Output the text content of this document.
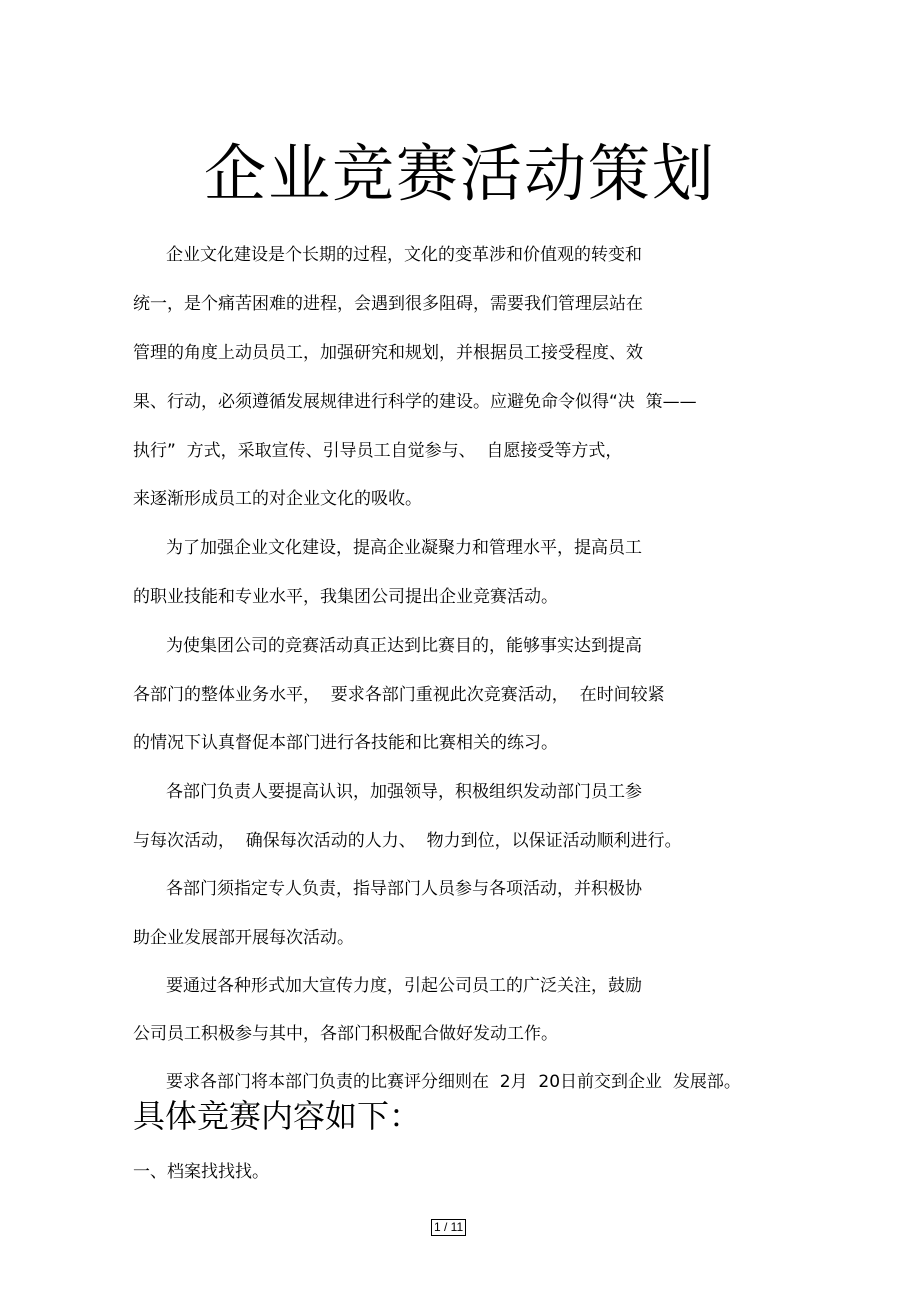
企业竞赛活动策划
企业文化建设是个长期的过程，文化的变革涉和价值观的转变和
统一，是个痛苦困难的进程，会遇到很多阻碍，需要我们管理层站在
管理的角度上动员员工，加强研究和规划，并根据员工接受程度、效
果、行动，必须遵循发展规律进行科学的建设。应避免命令似得“决  策——
执行”  方式，采取宣传、引导员工自觉参与、  自愿接受等方式，
来逐渐形成员工的对企业文化的吸收。
为了加强企业文化建设，提高企业凝聚力和管理水平，提高员工
的职业技能和专业水平，我集团公司提出企业竞赛活动。
为使集团公司的竞赛活动真正达到比赛目的，能够事实达到提高
各部门的整体业务水平，  要求各部门重视此次竞赛活动，  在时间较紧
的情况下认真督促本部门进行各技能和比赛相关的练习。
各部门负责人要提高认识，加强领导，积极组织发动部门员工参
与每次活动，  确保每次活动的人力、  物力到位，以保证活动顺利进行。
各部门须指定专人负责，指导部门人员参与各项活动，并积极协
助企业发展部开展每次活动。
要通过各种形式加大宣传力度，引起公司员工的广泛关注，鼓励
公司员工积极参与其中，各部门积极配合做好发动工作。
要求各部门将本部门负责的比赛评分细则在  2月  20日前交到企业  发展部。
具体竞赛内容如下：
一、档案找找找。
1 / 11
